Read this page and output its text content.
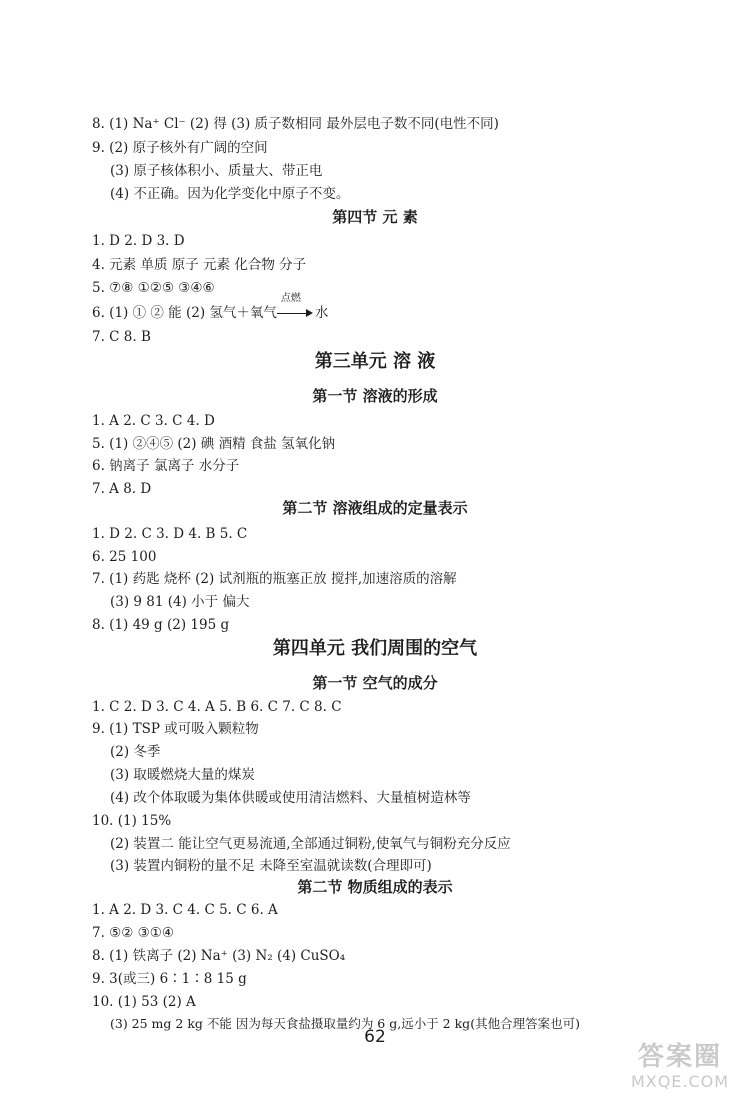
8. (1) Na⁺ Cl⁻ (2) 得 (3) 质子数相同 最外层电子数不同(电性不同)
9. (2) 原子核外有广阔的空间
(3) 原子核体积小、质量大、带正电
(4) 不正确。因为化学变化中原子不变。
第四节 元 素
1. D 2. D 3. D
4. 元素 单质 原子 元素 化合物 分子
5. ⑦⑧ ①②⑤ ③④⑥
6. (1) ① ② 能 (2) 氢气＋氧气
点燃
水
7. C 8. B
第三单元 溶 液
第一节 溶液的形成
1. A 2. C 3. C 4. D
5. (1) ②④⑤ (2) 碘 酒精 食盐 氢氧化钠
6. 钠离子 氯离子 水分子
7. A 8. D
第二节 溶液组成的定量表示
1. D 2. C 3. D 4. B 5. C
6. 25 100
7. (1) 药匙 烧杯 (2) 试剂瓶的瓶塞正放 搅拌,加速溶质的溶解
(3) 9 81 (4) 小于 偏大
8. (1) 49 g (2) 195 g
第四单元 我们周围的空气
第一节 空气的成分
1. C 2. D 3. C 4. A 5. B 6. C 7. C 8. C
9. (1) TSP 或可吸入颗粒物
(2) 冬季
(3) 取暖燃烧大量的煤炭
(4) 改个体取暖为集体供暖或使用清洁燃料、大量植树造林等
10. (1) 15%
(2) 装置二 能让空气更易流通,全部通过铜粉,使氧气与铜粉充分反应
(3) 装置内铜粉的量不足 未降至室温就读数(合理即可)
第二节 物质组成的表示
1. A 2. D 3. C 4. C 5. C 6. A
7. ⑤② ③①④
8. (1) 铁离子 (2) Na⁺ (3) N₂ (4) CuSO₄
9. 3(或三) 6∶1∶8 15 g
10. (1) 53 (2) A
(3) 25 mg 2 kg 不能 因为每天食盐摄取量约为 6 g,远小于 2 kg(其他合理答案也可)
62
答案圈
MXQE.COM
